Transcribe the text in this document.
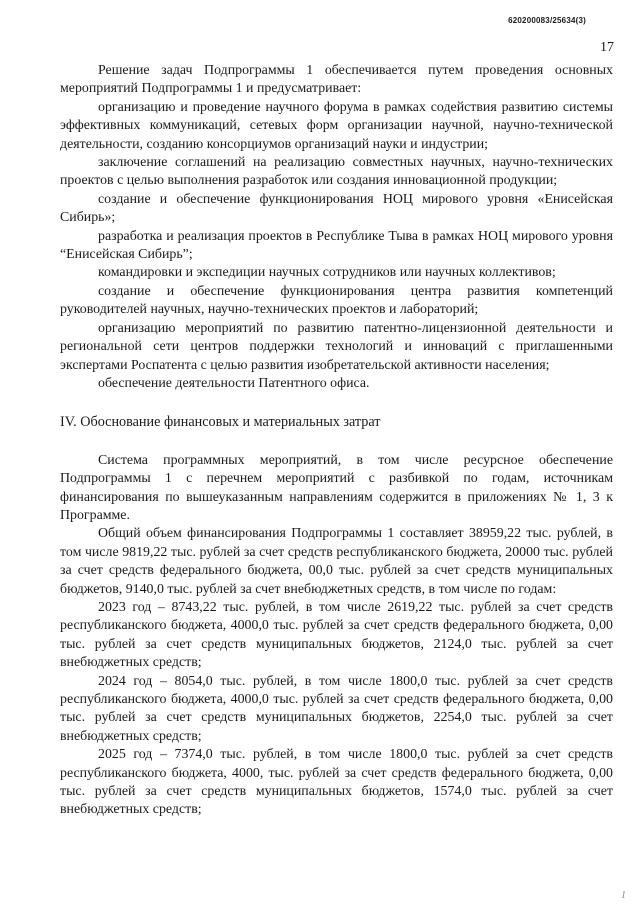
620200083/25634(3)
17

Решение задач Подпрограммы 1 обеспечивается путем проведения основных мероприятий Подпрограммы 1 и предусматривает:

организацию и проведение научного форума в рамках содействия развитию системы эффективных коммуникаций, сетевых форм организации научной, научно-технической деятельности, созданию консорциумов организаций науки и индустрии;

заключение соглашений на реализацию совместных научных, научно-технических проектов с целью выполнения разработок или создания инновационной продукции;

создание и обеспечение функционирования НОЦ мирового уровня «Енисейская Сибирь»;

разработка и реализация проектов в Республике Тыва в рамках НОЦ мирового уровня “Енисейская Сибирь”;

командировки и экспедиции научных сотрудников или научных коллективов;

создание и обеспечение функционирования центра развития компетенций руководителей научных, научно-технических проектов и лабораторий;

организацию мероприятий по развитию патентно-лицензионной деятельности и региональной сети центров поддержки технологий и инноваций с приглашенными экспертами Роспатента с целью развития изобретательской активности населения;

обеспечение деятельности Патентного офиса.

IV. Обоснование финансовых и материальных затрат

Система программных мероприятий, в том числе ресурсное обеспечение Подпрограммы 1 с перечнем мероприятий с разбивкой по годам, источникам финансирования по вышеуказанным направлениям содержится в приложениях № 1, 3 к Программе.

Общий объем финансирования Подпрограммы 1 составляет 38959,22 тыс. рублей, в том числе 9819,22 тыс. рублей за счет средств республиканского бюджета, 20000 тыс. рублей за счет средств федерального бюджета, 00,0 тыс. рублей за счет средств муниципальных бюджетов, 9140,0 тыс. рублей за счет внебюджетных средств, в том числе по годам:

2023 год – 8743,22 тыс. рублей, в том числе 2619,22 тыс. рублей за счет средств республиканского бюджета, 4000,0 тыс. рублей за счет средств федерального бюджета, 0,00 тыс. рублей за счет средств муниципальных бюджетов, 2124,0 тыс. рублей за счет внебюджетных средств;

2024 год – 8054,0 тыс. рублей, в том числе 1800,0 тыс. рублей за счет средств республиканского бюджета, 4000,0 тыс. рублей за счет средств федерального бюджета, 0,00 тыс. рублей за счет средств муниципальных бюджетов, 2254,0 тыс. рублей за счет внебюджетных средств;

2025 год – 7374,0 тыс. рублей, в том числе 1800,0 тыс. рублей за счет средств республиканского бюджета, 4000, тыс. рублей за счет средств федерального бюджета, 0,00 тыс. рублей за счет средств муниципальных бюджетов, 1574,0 тыс. рублей за счет внебюджетных средств;

1
